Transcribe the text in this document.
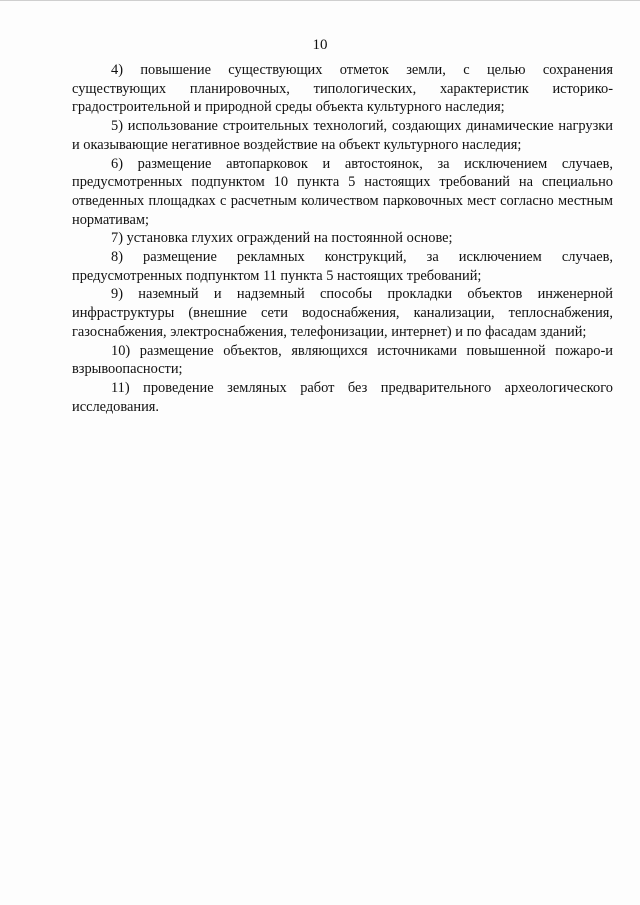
10

4) повышение существующих отметок земли, с целью сохранения существующих планировочных, типологических, характеристик историко-градостроительной и природной среды объекта культурного наследия;

5) использование строительных технологий, создающих динамические нагрузки и оказывающие негативное воздействие на объект культурного наследия;

6) размещение автопарковок и автостоянок, за исключением случаев, предусмотренных подпунктом 10 пункта 5 настоящих требований на специально отведенных площадках с расчетным количеством парковочных мест согласно местным нормативам;

7) установка глухих ограждений на постоянной основе;

8) размещение рекламных конструкций, за исключением случаев, предусмотренных подпунктом 11 пункта 5 настоящих требований;

9) наземный и надземный способы прокладки объектов инженерной инфраструктуры (внешние сети водоснабжения, канализации, теплоснабжения, газоснабжения, электроснабжения, телефонизации, интернет) и по фасадам зданий;

10) размещение объектов, являющихся источниками повышенной пожаро-и взрывоопасности;

11) проведение земляных работ без предварительного археологического исследования.
